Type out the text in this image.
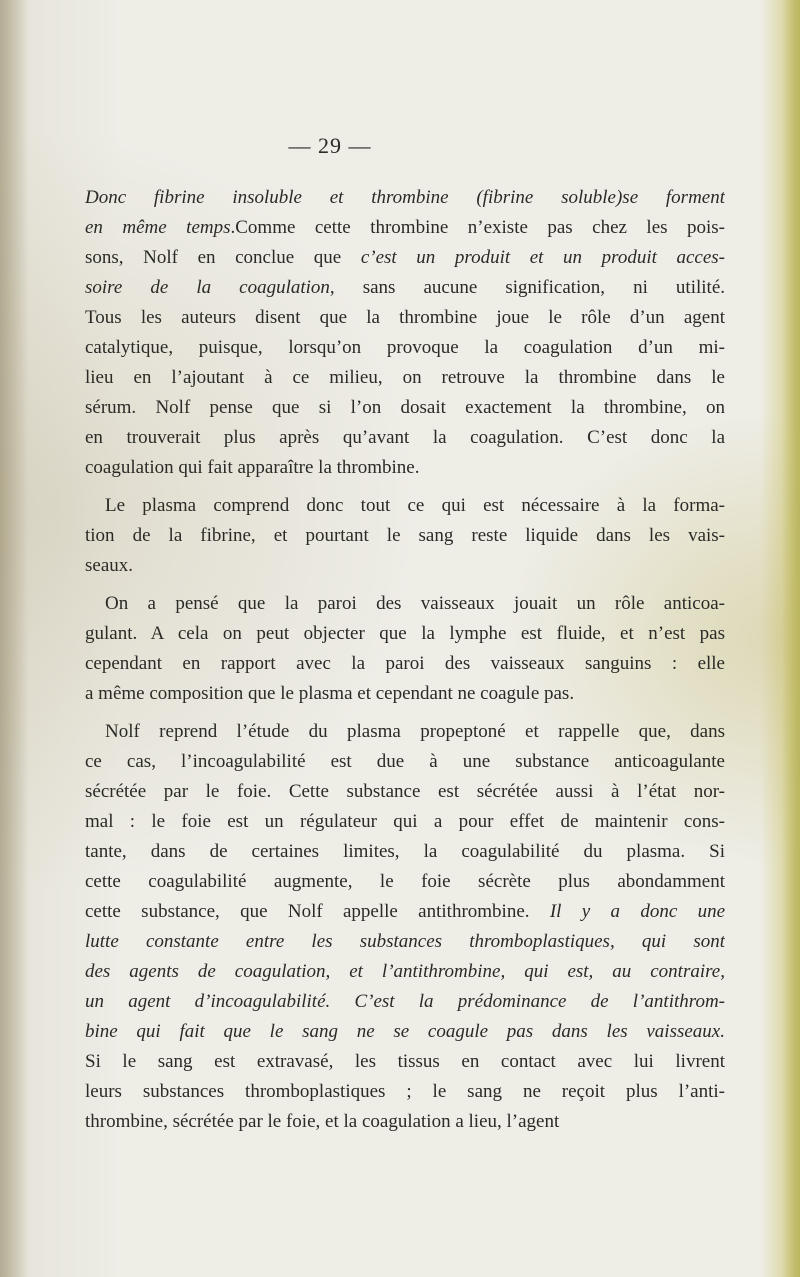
— 29 —
Donc fibrine insoluble et thrombine (fibrine soluble)se forment
en même temps.Comme cette thrombine n’existe pas chez les pois-
sons, Nolf en conclue que c’est un produit et un produit acces-
soire de la coagulation, sans aucune signification, ni utilité.
Tous les auteurs disent que la thrombine joue le rôle d’un agent
catalytique, puisque, lorsqu’on provoque la coagulation d’un mi-
lieu en l’ajoutant à ce milieu, on retrouve la thrombine dans le
sérum. Nolf pense que si l’on dosait exactement la thrombine, on
en trouverait plus après qu’avant la coagulation. C’est donc la
coagulation qui fait apparaître la thrombine.
Le plasma comprend donc tout ce qui est nécessaire à la forma-
tion de la fibrine, et pourtant le sang reste liquide dans les vais-
seaux.
On a pensé que la paroi des vaisseaux jouait un rôle anticoa-
gulant. A cela on peut objecter que la lymphe est fluide, et n’est pas
cependant en rapport avec la paroi des vaisseaux sanguins : elle
a même composition que le plasma et cependant ne coagule pas.
Nolf reprend l’étude du plasma propeptoné et rappelle que, dans
ce cas, l’incoagulabilité est due à une substance anticoagulante
sécrétée par le foie. Cette substance est sécrétée aussi à l’état nor-
mal : le foie est un régulateur qui a pour effet de maintenir cons-
tante, dans de certaines limites, la coagulabilité du plasma. Si
cette coagulabilité augmente, le foie sécrète plus abondamment
cette substance, que Nolf appelle antithrombine. Il y a donc une
lutte constante entre les substances thromboplastiques, qui sont
des agents de coagulation, et l’antithrombine, qui est, au contraire,
un agent d’incoagulabilité. C’est la prédominance de l’antithrom-
bine qui fait que le sang ne se coagule pas dans les vaisseaux.
Si le sang est extravasé, les tissus en contact avec lui livrent
leurs substances thromboplastiques ; le sang ne reçoit plus l’anti-
thrombine, sécrétée par le foie, et la coagulation a lieu, l’agent
